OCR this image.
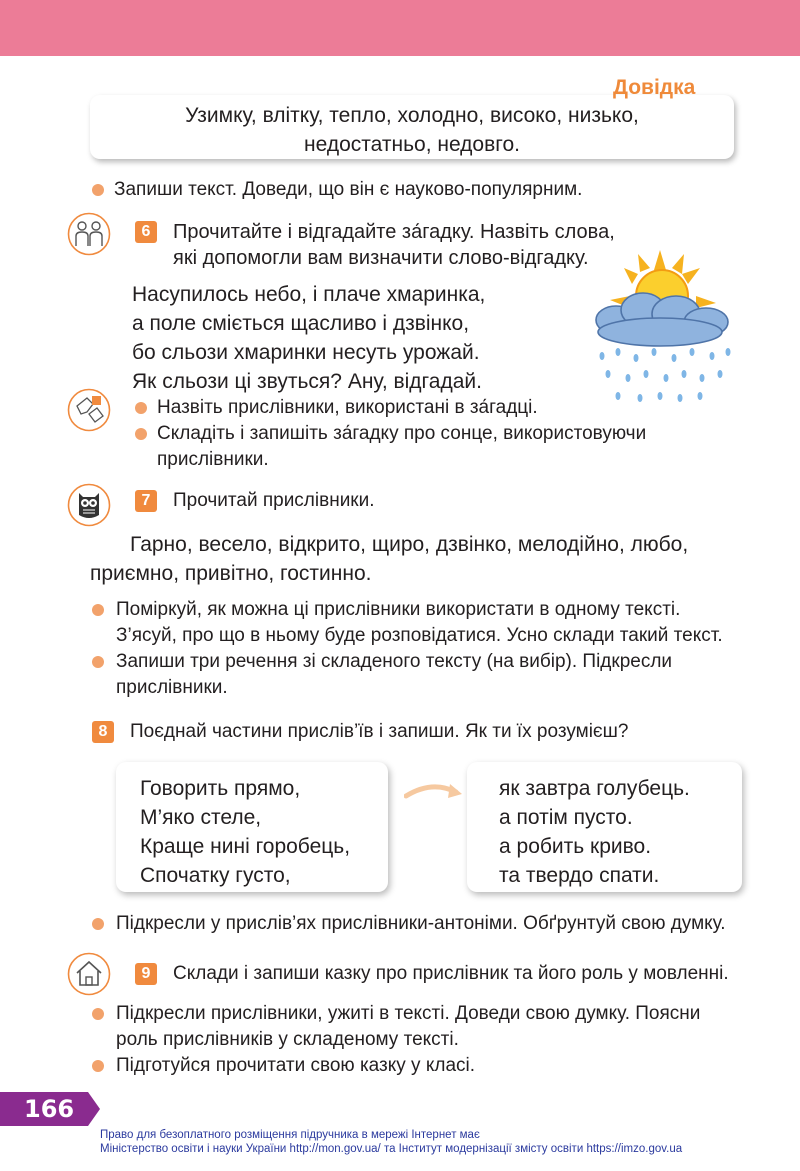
Узимку, влітку, тепло, холодно, високо, низько,
недостатньо, недовго.
Довідка
Запиши текст. Доведи, що він є науково-популярним.
6	Прочитайте і відгадайте за́гадку. Назвіть слова,
які допомогли вам визначити слово-відгадку.
Насупилось небо, і плаче хмаринка,
а поле сміється щасливо і дзвінко,
бо сльози хмаринки несуть урожай.
Як сльози ці звуться? Ану, відгадай.
Назвіть прислівники, використані в за́гадці.
Складіть і запишіть за́гадку про сонце, використовуючи
прислівники.
7	Прочитай прислівники.
Гарно, весело, відкрито, щиро, дзвінко, мелодійно, любо,
приємно, привітно, гостинно.
Поміркуй, як можна ці прислівники використати в одному тексті.
З’ясуй, про що в ньому буде розповідатися. Усно склади такий текст.
Запиши три речення зі складеного тексту (на вибір). Підкресли
прислівники.
8	Поєднай частини прислів’їв і запиши. Як ти їх розумієш?
Говорить прямо,
М’яко стеле,
Краще нині горобець,
Спочатку густо,
як завтра голубець.
а потім пусто.
а робить криво.
та твердо спати.
Підкресли у прислів’ях прислівники-антоніми. Обґрунтуй свою думку.
9	Склади і запиши казку про прислівник та його роль у мовленні.
Підкресли прислівники, ужиті в тексті. Доведи свою думку. Поясни
роль прислівників у складеному тексті.
Підготуйся прочитати свою казку у класі.
166
Право для безоплатного розміщення підручника в мережі Інтернет має
Міністерство освіти і науки України http://mon.gov.ua/ та Інститут модернізації змісту освіти https://imzo.gov.ua
